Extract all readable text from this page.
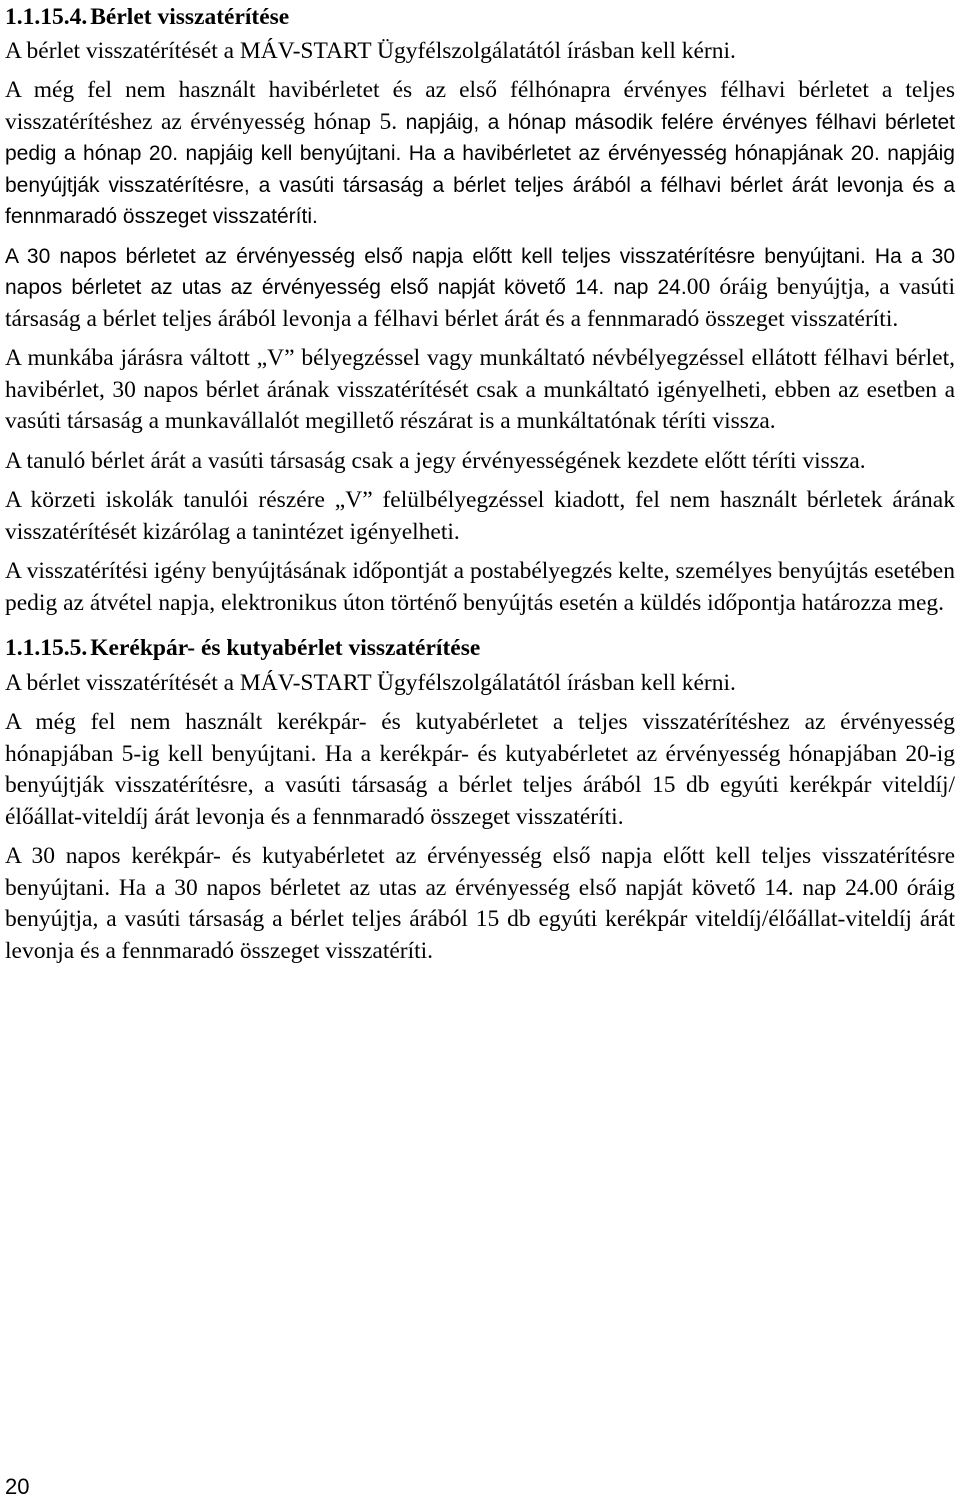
1.1.15.4. Bérlet visszatérítése
A bérlet visszatérítését a MÁV-START Ügyfélszolgálatától írásban kell kérni.
A még fel nem használt havibérletet és az első félhónapra érvényes félhavi bérletet a teljes visszatérítéshez az érvényesség hónap 5. napjáig, a hónap második felére érvényes félhavi bérletet pedig a hónap 20. napjáig kell benyújtani. Ha a havibérletet az érvényesség hónapjának 20. napjáig benyújtják visszatérítésre, a vasúti társaság a bérlet teljes árából a félhavi bérlet árát levonja és a fennmaradó összeget visszatéríti.
A 30 napos bérletet az érvényesség első napja előtt kell teljes visszatérítésre benyújtani. Ha a 30 napos bérletet az utas az érvényesség első napját követő 14. nap 24.00 óráig benyújtja, a vasúti társaság a bérlet teljes árából levonja a félhavi bérlet árát és a fennmaradó összeget visszatéríti.
A munkába járásra váltott „V” bélyegzéssel vagy munkáltató névbélyegzéssel ellátott félhavi bérlet, havibérlet, 30 napos bérlet árának visszatérítését csak a munkáltató igényelheti, ebben az esetben a vasúti társaság a munkavállalót megillető részárat is a munkáltatónak téríti vissza.
A tanuló bérlet árát a vasúti társaság csak a jegy érvényességének kezdete előtt téríti vissza.
A körzeti iskolák tanulói részére „V” felülbélyegzéssel kiadott, fel nem használt bérletek árának visszatérítését kizárólag a tanintézet igényelheti.
A visszatérítési igény benyújtásának időpontját a postabélyegzés kelte, személyes benyújtás esetében pedig az átvétel napja, elektronikus úton történő benyújtás esetén a küldés időpontja határozza meg.
1.1.15.5. Kerékpár- és kutyabérlet visszatérítése
A bérlet visszatérítését a MÁV-START Ügyfélszolgálatától írásban kell kérni.
A még fel nem használt kerékpár- és kutyabérletet a teljes visszatérítéshez az érvényesség hónapjában 5-ig kell benyújtani. Ha a kerékpár- és kutyabérletet az érvényesség hónapjában 20-ig benyújtják visszatérítésre, a vasúti társaság a bérlet teljes árából 15 db egyúti kerékpár viteldíj/élőállat-viteldíj árát levonja és a fennmaradó összeget visszatéríti.
A 30 napos kerékpár- és kutyabérletet az érvényesség első napja előtt kell teljes visszatérítésre benyújtani. Ha a 30 napos bérletet az utas az érvényesség első napját követő 14. nap 24.00 óráig benyújtja, a vasúti társaság a bérlet teljes árából 15 db egyúti kerékpár viteldíj/élőállat-viteldíj árát levonja és a fennmaradó összeget visszatéríti.
20
